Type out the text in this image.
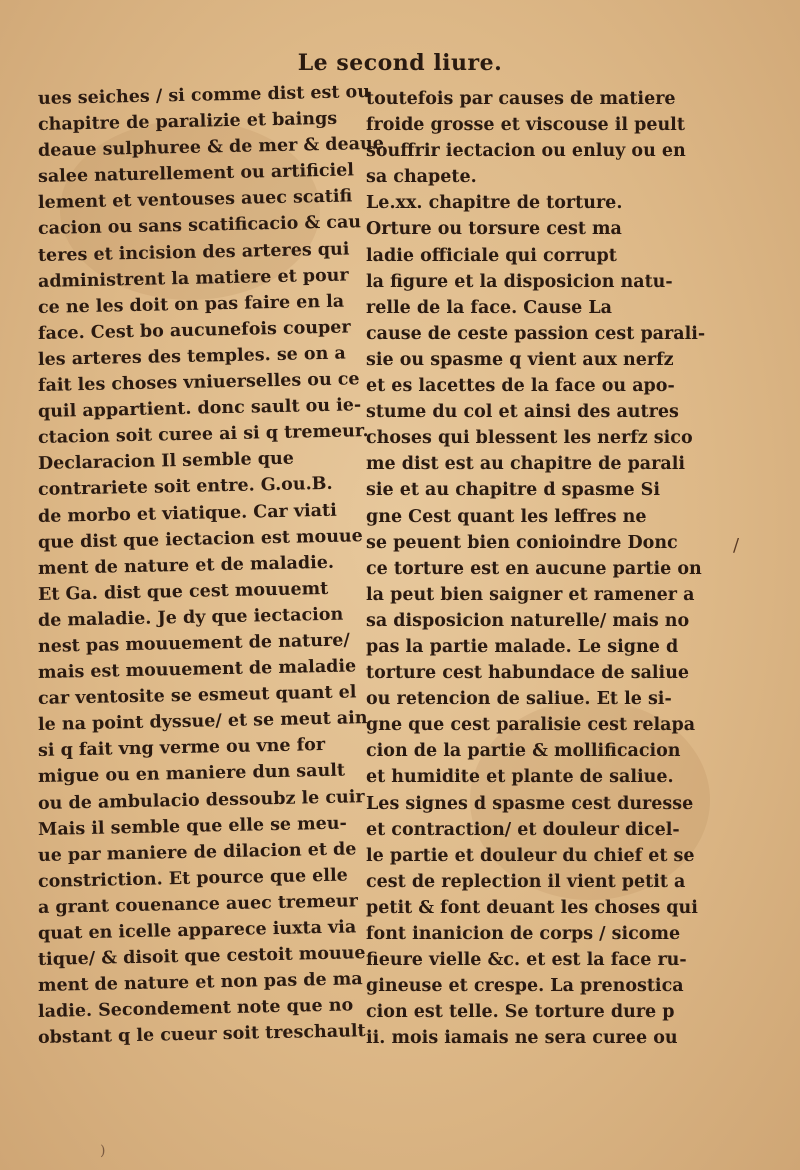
Le second liure.
ues seiches / si comme dist est ou
chapitre de paralizie et baings
deaue sulphuree & de mer & deaue
salee naturellement ou artificiel
lement et ventouses auec scatifi
cacion ou sans scatificacio & cau
teres et incision des arteres qui
administrent la matiere et pour
ce ne les doit on pas faire en la
face. Cest bo aucunefois couper
les arteres des temples. se on a
fait les choses vniuerselles ou ce
quil appartient. donc sault ou ie-
ctacion soit curee ai si q tremeur.
Declaracion Il semble que
contrariete soit entre. G.ou.B.
de morbo et viatique. Car viati
que dist que iectacion est mouue
ment de nature et de maladie.
Et Ga. dist que cest mouuemt
de maladie. Je dy que iectacion
nest pas mouuement de nature/
mais est mouuement de maladie
car ventosite se esmeut quant el
le na point dyssue/ et se meut ain
si q fait vng verme ou vne for
migue ou en maniere dun sault
ou de ambulacio dessoubz le cuir
Mais il semble que elle se meu-
ue par maniere de dilacion et de
constriction. Et pource que elle
a grant couenance auec tremeur
quat en icelle apparece iuxta via
tique/ & disoit que cestoit mouue
ment de nature et non pas de ma
ladie. Secondement note que no
obstant q le cueur soit treschault
toutefois par causes de matiere
froide grosse et viscouse il peult
souffrir iectacion ou enluy ou en
sa chapete.
Le.xx. chapitre de torture.
Orture ou torsure cest ma
ladie officiale qui corrupt
la figure et la disposicion natu-
relle de la face. Cause La
cause de ceste passion cest parali-
sie ou spasme q vient aux nerfz
et es lacettes de la face ou apo-
stume du col et ainsi des autres
choses qui blessent les nerfz sico
me dist est au chapitre de parali
sie et au chapitre d spasme Si
gne Cest quant les leffres ne
se peuent bien conioindre Donc
ce torture est en aucune partie on
la peut bien saigner et ramener a
sa disposicion naturelle/ mais no
pas la partie malade. Le signe d
torture cest habundace de saliue
ou retencion de saliue. Et le si-
gne que cest paralisie cest relapa
cion de la partie & mollificacion
et humidite et plante de saliue.
Les signes d spasme cest duresse
et contraction/ et douleur dicel-
le partie et douleur du chief et se
cest de replection il vient petit a
petit & font deuant les choses qui
font inanicion de corps / sicome
fieure vielle &c. et est la face ru-
gineuse et crespe. La prenostica
cion est telle. Se torture dure p
ii. mois iamais ne sera curee ou
/
)
